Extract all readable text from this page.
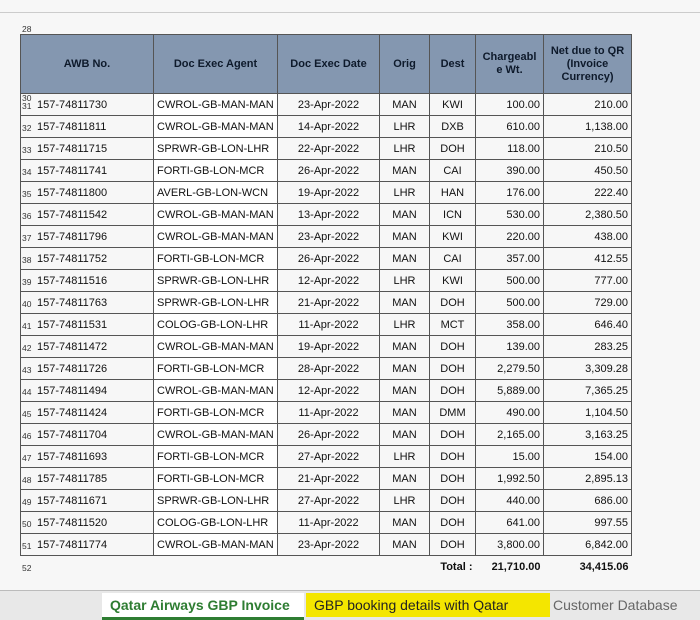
28
30
AWB No.	Doc Exec Agent	Doc Exec Date	Orig	Dest	Chargeabl e Wt.	Net due to QR (Invoice Currency)
157-74811730	CWROL-GB-MAN-MAN	23-Apr-2022	MAN	KWI	100.00	210.00
157-74811811	CWROL-GB-MAN-MAN	14-Apr-2022	LHR	DXB	610.00	1,138.00
157-74811715	SPRWR-GB-LON-LHR	22-Apr-2022	LHR	DOH	118.00	210.50
157-74811741	FORTI-GB-LON-MCR	26-Apr-2022	MAN	CAI	390.00	450.50
157-74811800	AVERL-GB-LON-WCN	19-Apr-2022	LHR	HAN	176.00	222.40
157-74811542	CWROL-GB-MAN-MAN	13-Apr-2022	MAN	ICN	530.00	2,380.50
157-74811796	CWROL-GB-MAN-MAN	23-Apr-2022	MAN	KWI	220.00	438.00
157-74811752	FORTI-GB-LON-MCR	26-Apr-2022	MAN	CAI	357.00	412.55
157-74811516	SPRWR-GB-LON-LHR	12-Apr-2022	LHR	KWI	500.00	777.00
157-74811763	SPRWR-GB-LON-LHR	21-Apr-2022	MAN	DOH	500.00	729.00
157-74811531	COLOG-GB-LON-LHR	11-Apr-2022	LHR	MCT	358.00	646.40
157-74811472	CWROL-GB-MAN-MAN	19-Apr-2022	MAN	DOH	139.00	283.25
157-74811726	FORTI-GB-LON-MCR	28-Apr-2022	MAN	DOH	2,279.50	3,309.28
157-74811494	CWROL-GB-MAN-MAN	12-Apr-2022	MAN	DOH	5,889.00	7,365.25
157-74811424	FORTI-GB-LON-MCR	11-Apr-2022	MAN	DMM	490.00	1,104.50
157-74811704	CWROL-GB-MAN-MAN	26-Apr-2022	MAN	DOH	2,165.00	3,163.25
157-74811693	FORTI-GB-LON-MCR	27-Apr-2022	LHR	DOH	15.00	154.00
157-74811785	FORTI-GB-LON-MCR	21-Apr-2022	MAN	DOH	1,992.50	2,895.13
157-74811671	SPRWR-GB-LON-LHR	27-Apr-2022	LHR	DOH	440.00	686.00
157-74811520	COLOG-GB-LON-LHR	11-Apr-2022	MAN	DOH	641.00	997.55
157-74811774	CWROL-GB-MAN-MAN	23-Apr-2022	MAN	DOH	3,800.00	6,842.00
				Total :	21,710.00	34,415.06
31
32
33
34
35
36
37
38
39
40
41
42
43
44
45
46
47
48
49
50
51
52
Qatar Airways GBP Invoice	GBP booking details with Qatar	Customer Database
